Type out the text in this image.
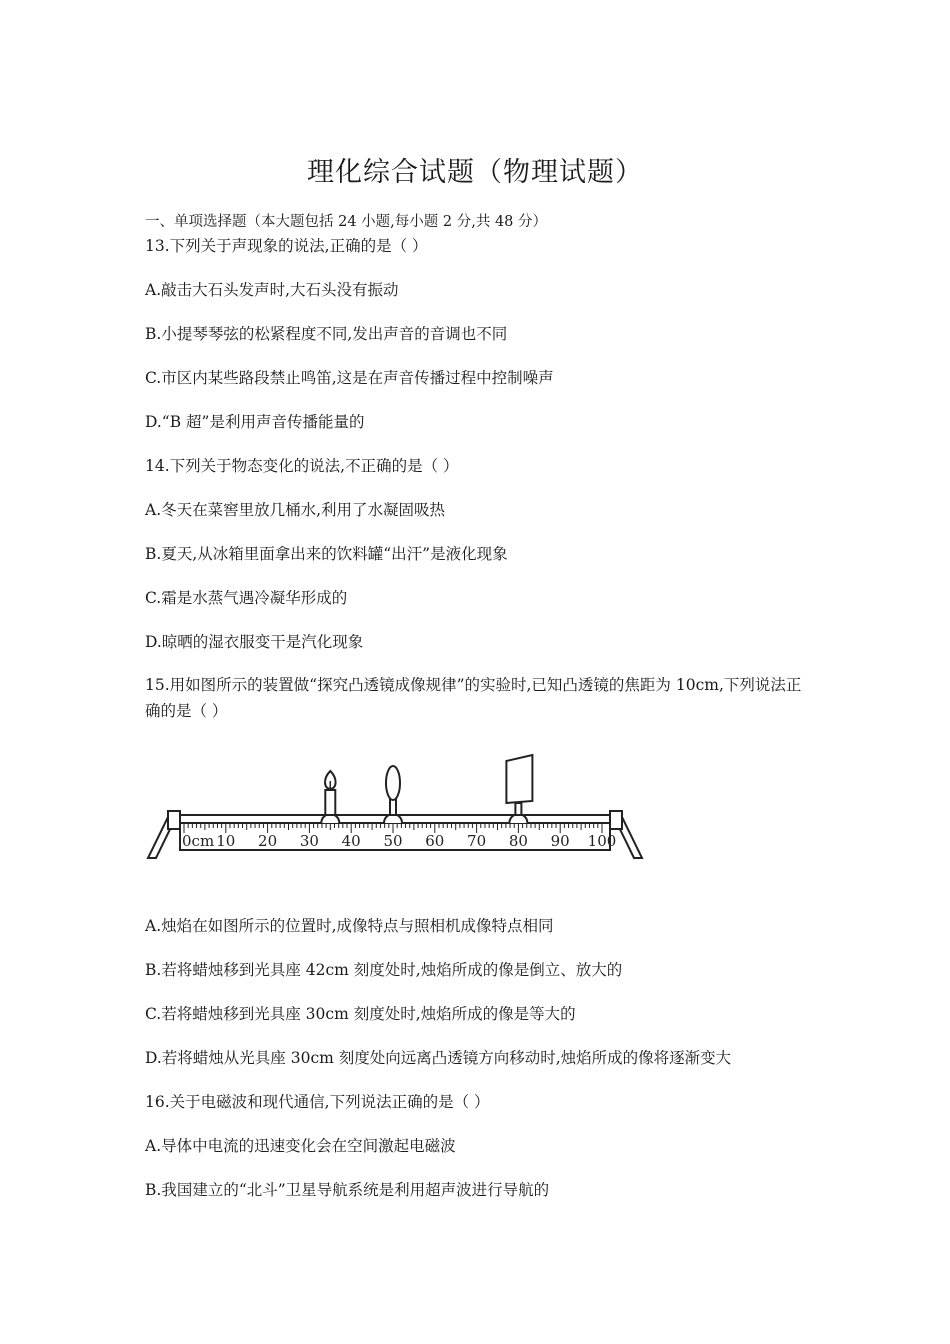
理化综合试题（物理试题）
一、单项选择题（本大题包括 24 小题,每小题 2 分,共 48 分）
13.下列关于声现象的说法,正确的是（ ）
A.敲击大石头发声时,大石头没有振动
B.小提琴琴弦的松紧程度不同,发出声音的音调也不同
C.市区内某些路段禁止鸣笛,这是在声音传播过程中控制噪声
D.“B 超”是利用声音传播能量的
14.下列关于物态变化的说法,不正确的是（ ）
A.冬天在菜窖里放几桶水,利用了水凝固吸热
B.夏天,从冰箱里面拿出来的饮料罐“出汗”是液化现象
C.霜是水蒸气遇冷凝华形成的
D.晾晒的湿衣服变干是汽化现象
15.用如图所示的装置做“探究凸透镜成像规律”的实验时,已知凸透镜的焦距为 10cm,下列说法正确的是（ ）
0cm 10 20 30 40 50 60 70 80 90 100
A.烛焰在如图所示的位置时,成像特点与照相机成像特点相同
B.若将蜡烛移到光具座 42cm 刻度处时,烛焰所成的像是倒立、放大的
C.若将蜡烛移到光具座 30cm 刻度处时,烛焰所成的像是等大的
D.若将蜡烛从光具座 30cm 刻度处向远离凸透镜方向移动时,烛焰所成的像将逐渐变大
16.关于电磁波和现代通信,下列说法正确的是（ ）
A.导体中电流的迅速变化会在空间激起电磁波
B.我国建立的“北斗”卫星导航系统是利用超声波进行导航的
